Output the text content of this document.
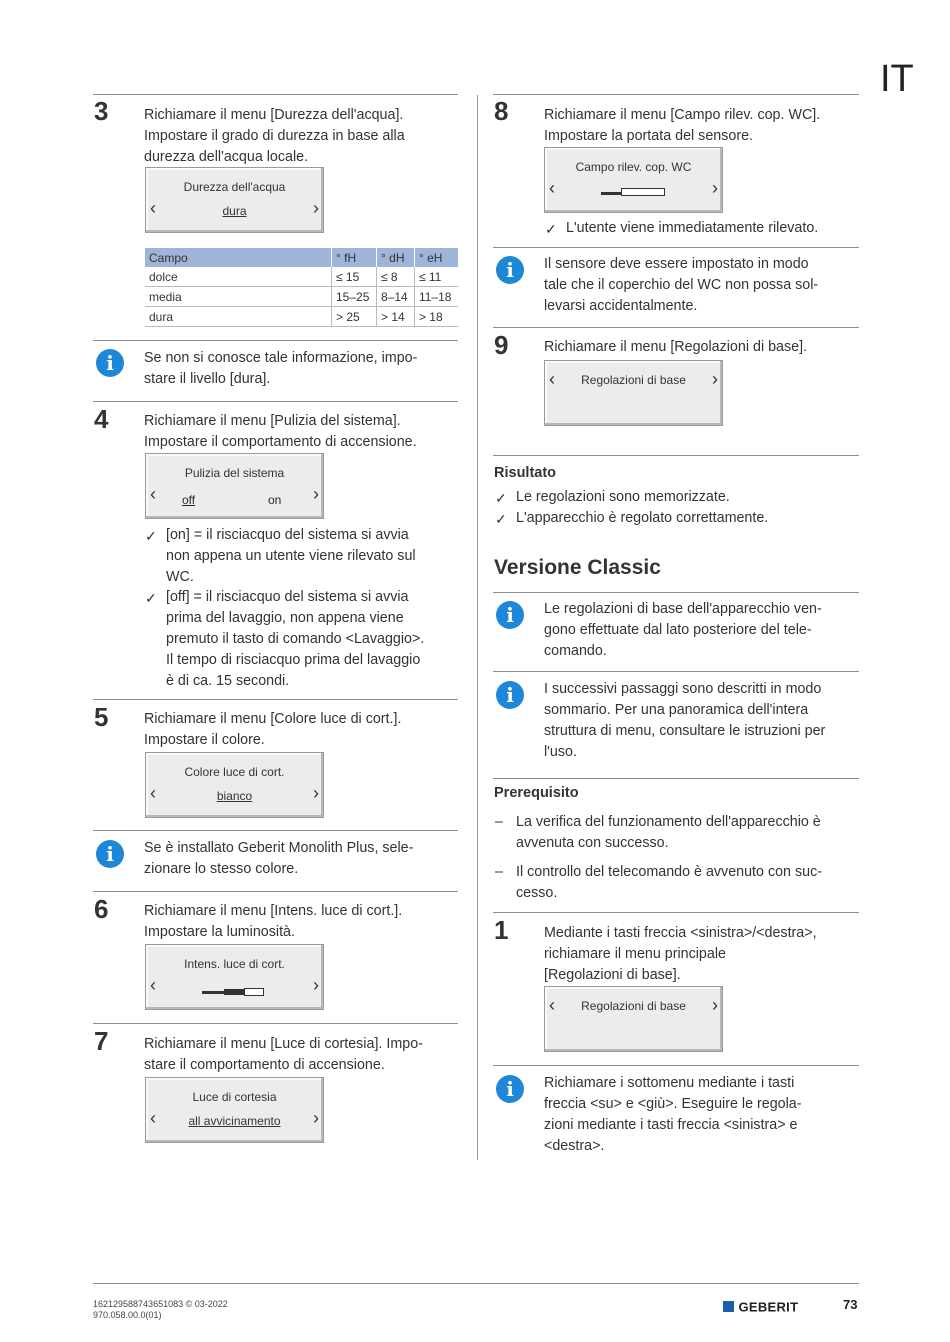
IT
3 Richiamare il menu [Durezza dell'acqua].
Impostare il grado di durezza in base alla
durezza dell'acqua locale.
Durezza dell'acqua
‹	dura	›
Campo	° fH	° dH	° eH
dolce	≤ 15	≤ 8	≤ 11
media	15–25	8–14	11–18
dura	> 25	> 14	> 18
i	Se non si conosce tale informazione, impo-
stare il livello [dura].
4 Richiamare il menu [Pulizia del sistema].
Impostare il comportamento di accensione.
Pulizia del sistema
‹ off	on ›
✓ [on] = il risciacquo del sistema si avvia
non appena un utente viene rilevato sul
WC.
✓ [off] = il risciacquo del sistema si avvia
prima del lavaggio, non appena viene
premuto il tasto di comando <Lavaggio>.
Il tempo di risciacquo prima del lavaggio
è di ca. 15 secondi.
5 Richiamare il menu [Colore luce di cort.].
Impostare il colore.
Colore luce di cort.
‹	bianco	›
i	Se è installato Geberit Monolith Plus, sele-
zionare lo stesso colore.
6 Richiamare il menu [Intens. luce di cort.].
Impostare la luminosità.
Intens. luce di cort.
‹	›
7 Richiamare il menu [Luce di cortesia]. Impo-
stare il comportamento di accensione.
Luce di cortesia
‹	all avvicinamento	›
8 Richiamare il menu [Campo rilev. cop. WC].
Impostare la portata del sensore.
Campo rilev. cop. WC
‹	›
✓ L'utente viene immediatamente rilevato.
i	Il sensore deve essere impostato in modo
tale che il coperchio del WC non possa sol-
levarsi accidentalmente.
9 Richiamare il menu [Regolazioni di base].
‹	Regolazioni di base	›
Risultato
✓ Le regolazioni sono memorizzate.
✓ L'apparecchio è regolato correttamente.
Versione Classic
i	Le regolazioni di base dell'apparecchio ven-
gono effettuate dal lato posteriore del tele-
comando.
i	I successivi passaggi sono descritti in modo
sommario. Per una panoramica dell'intera
struttura di menu, consultare le istruzioni per
l'uso.
Prerequisito
– La verifica del funzionamento dell'apparecchio è
avvenuta con successo.
– Il controllo del telecomando è avvenuto con suc-
cesso.
1 Mediante i tasti freccia <sinistra>/<destra>,
richiamare il menu principale
[Regolazioni di base].
‹	Regolazioni di base	›
i	Richiamare i sottomenu mediante i tasti
freccia <su> e <giù>. Eseguire le regola-
zioni mediante i tasti freccia <sinistra> e
<destra>.
162129588743651083 © 03-2022
970.058.00.0(01)
GEBERIT	73
